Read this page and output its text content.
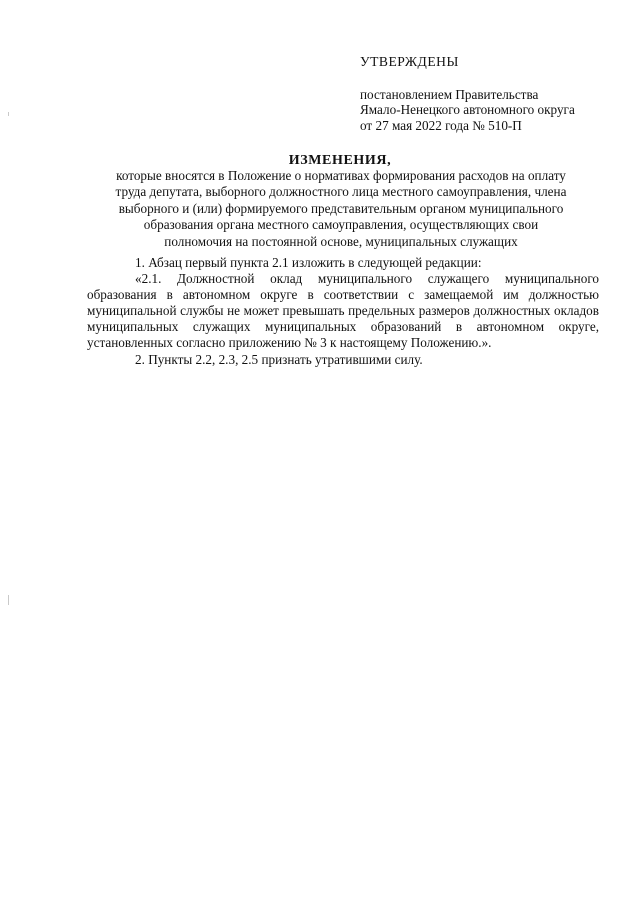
УТВЕРЖДЕНЫ
постановлением Правительства
Ямало-Ненецкого автономного округа
от 27 мая 2022 года № 510-П
ИЗМЕНЕНИЯ,
которые вносятся в Положение о нормативах формирования расходов на оплату
труда депутата, выборного должностного лица местного самоуправления, члена
выборного и (или) формируемого представительным органом муниципального
образования органа местного самоуправления, осуществляющих свои
полномочия на постоянной основе, муниципальных служащих

1. Абзац первый пункта 2.1 изложить в следующей редакции:

«2.1. Должностной оклад муниципального служащего муниципального образования в автономном округе в соответствии с замещаемой им должностью муниципальной службы не может превышать предельных размеров должностных окладов муниципальных служащих муниципальных образований в автономном округе, установленных согласно приложению № 3 к настоящему Положению.».

2. Пункты 2.2, 2.3, 2.5 признать утратившими силу.
